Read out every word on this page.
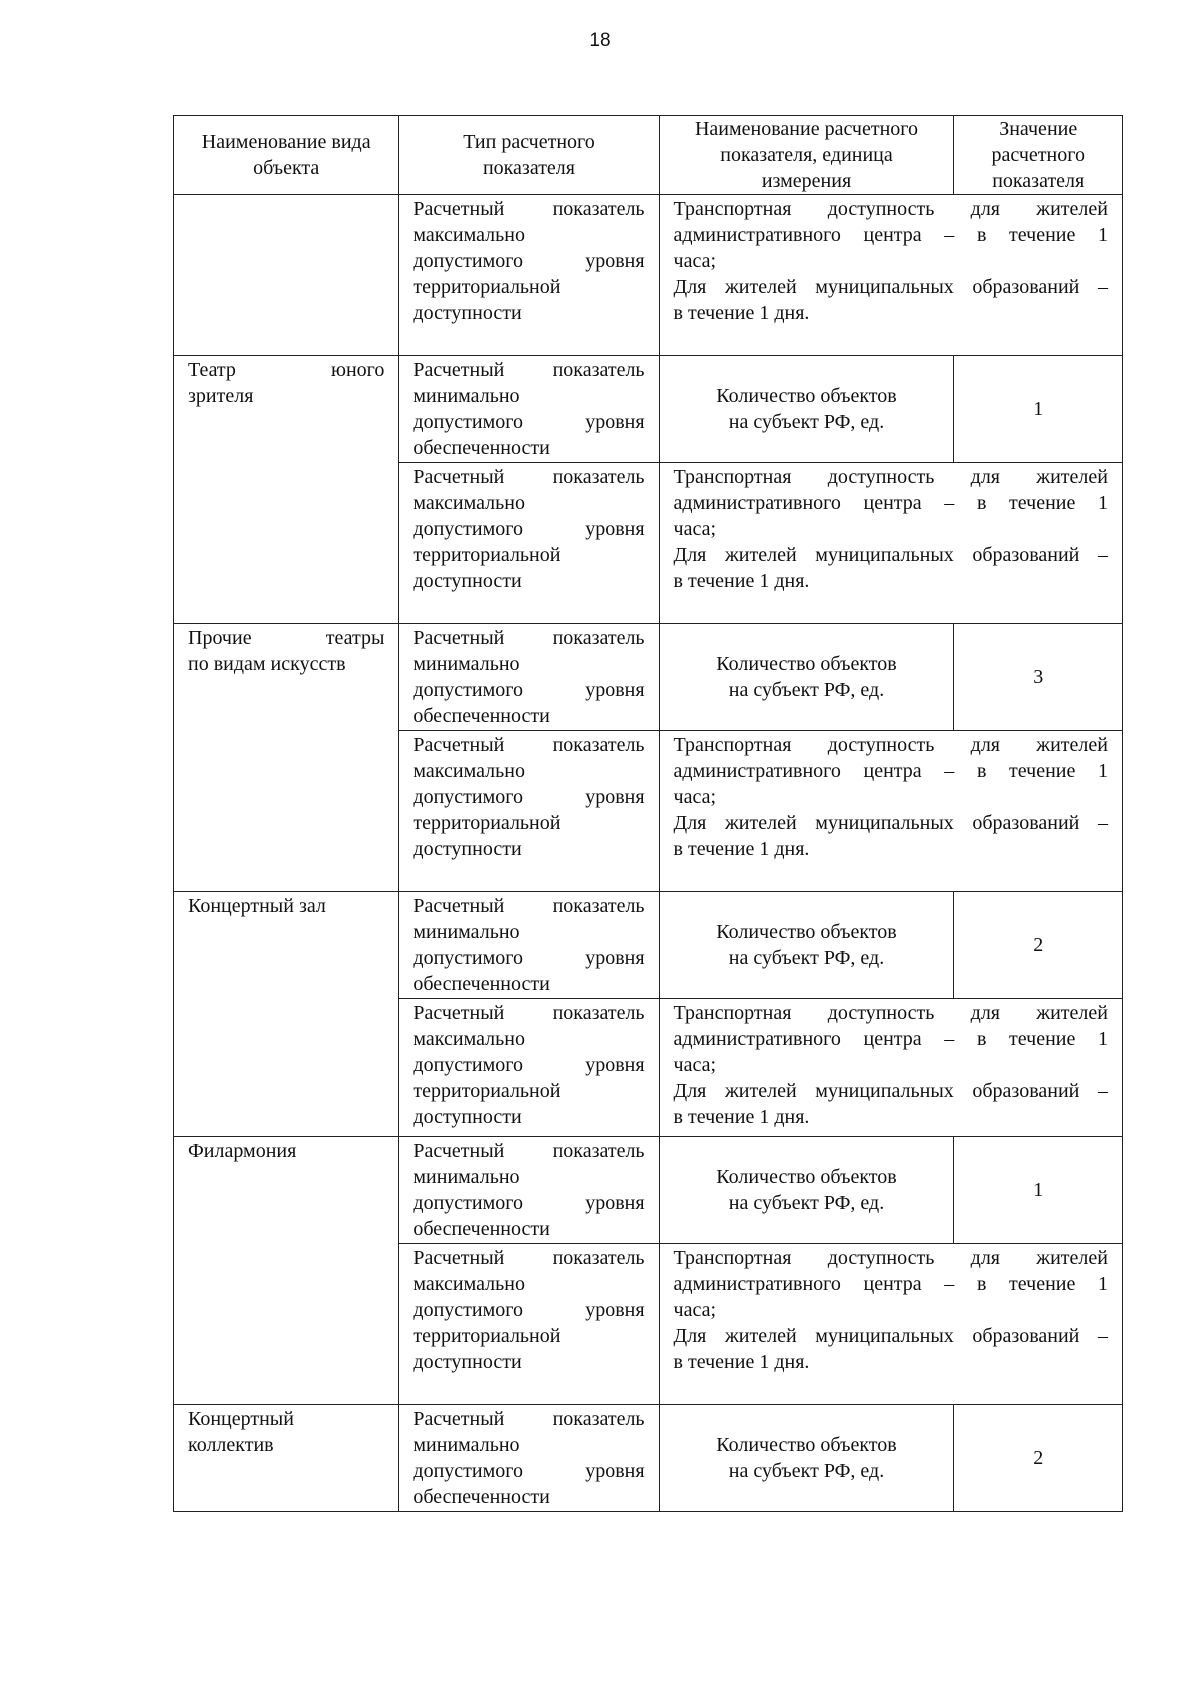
18
Наименование вида
объекта	Тип расчетного
показателя	Наименование расчетного
показателя, единица
измерения	Значение
расчетного
показателя

	Расчетный показатель
максимально
допустимого уровня
территориальной
доступности	Транспортная доступность для жителей
административного центра – в течение 1
часа;
Для жителей муниципальных образований –
в течение 1 дня.	

Театр юного
зрителя	Расчетный показатель
минимально
допустимого уровня
обеспеченности	Количество объектов
на субъект РФ, ед.	1

	Расчетный показатель
максимально
допустимого уровня
территориальной
доступности	Транспортная доступность для жителей
административного центра – в течение 1
часа;
Для жителей муниципальных образований –
в течение 1 дня.	

Прочие театры
по видам искусств	Расчетный показатель
минимально
допустимого уровня
обеспеченности	Количество объектов
на субъект РФ, ед.	3

	Расчетный показатель
максимально
допустимого уровня
территориальной
доступности	Транспортная доступность для жителей
административного центра – в течение 1
часа;
Для жителей муниципальных образований –
в течение 1 дня.	

Концертный зал	Расчетный показатель
минимально
допустимого уровня
обеспеченности	Количество объектов
на субъект РФ, ед.	2

	Расчетный показатель
максимально
допустимого уровня
территориальной
доступности	Транспортная доступность для жителей
административного центра – в течение 1
часа;
Для жителей муниципальных образований –
в течение 1 дня.	

Филармония	Расчетный показатель
минимально
допустимого уровня
обеспеченности	Количество объектов
на субъект РФ, ед.	1

	Расчетный показатель
максимально
допустимого уровня
территориальной
доступности	Транспортная доступность для жителей
административного центра – в течение 1
часа;
Для жителей муниципальных образований –
в течение 1 дня.	

Концертный
коллектив	Расчетный показатель
минимально
допустимого уровня
обеспеченности	Количество объектов
на субъект РФ, ед.	2
